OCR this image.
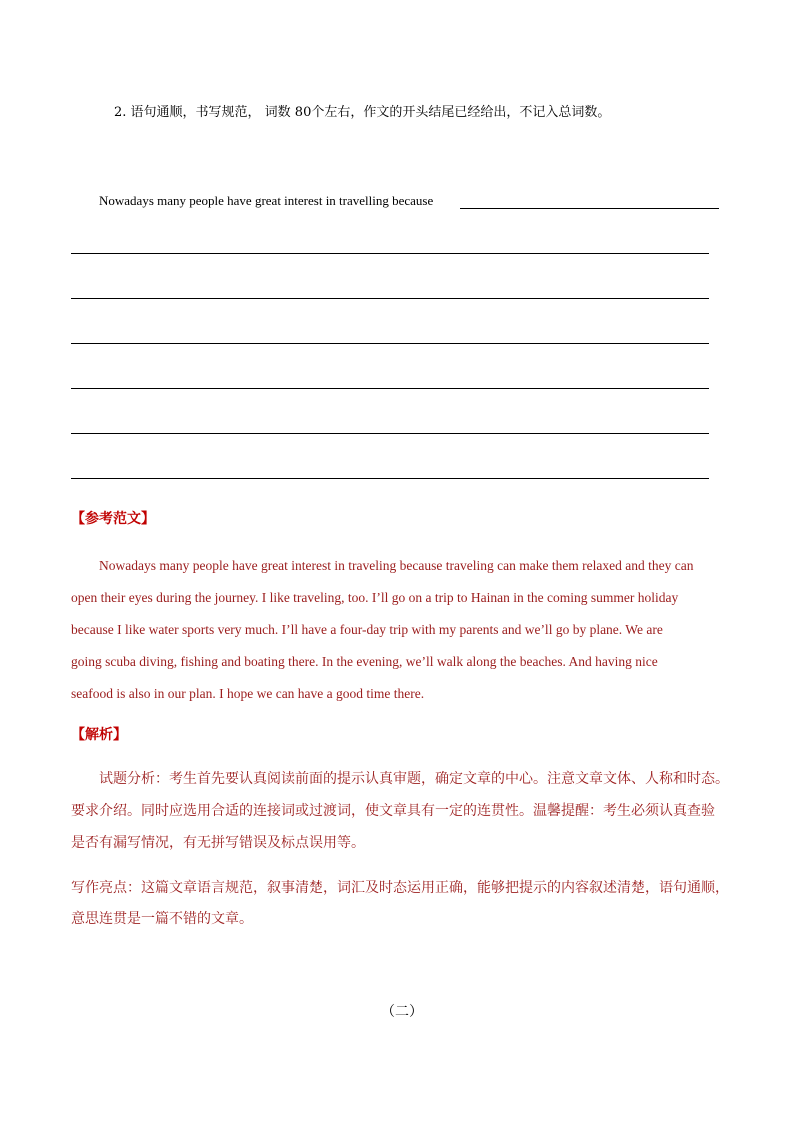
2. 语句通顺，书写规范， 词数 80个左右，作文的开头结尾已经给出，不记入总词数。
Nowadays many people have great interest in travelling because
【参考范文】

Nowadays many people have great interest in traveling because traveling can make them relaxed and they can

open their eyes during the journey. I like traveling, too. I’ll go on a trip to Hainan in the coming summer holiday

because I like water sports very much. I’ll have a four-day trip with my parents and we’ll go by plane. We are

going scuba diving, fishing and boating there. In the evening, we’ll walk along the beaches. And having nice

seafood is also in our plan. I hope we can have a good time there.

【解析】

试题分析：考生首先要认真阅读前面的提示认真审题，确定文章的中心。注意文章文体、人称和时态。

要求介绍。同时应选用合适的连接词或过渡词，使文章具有一定的连贯性。温馨提醒：考生必须认真查验

是否有漏写情况，有无拼写错误及标点误用等。

写作亮点：这篇文章语言规范，叙事清楚，词汇及时态运用正确，能够把提示的内容叙述清楚，语句通顺，

意思连贯是一篇不错的文章。

（二）
